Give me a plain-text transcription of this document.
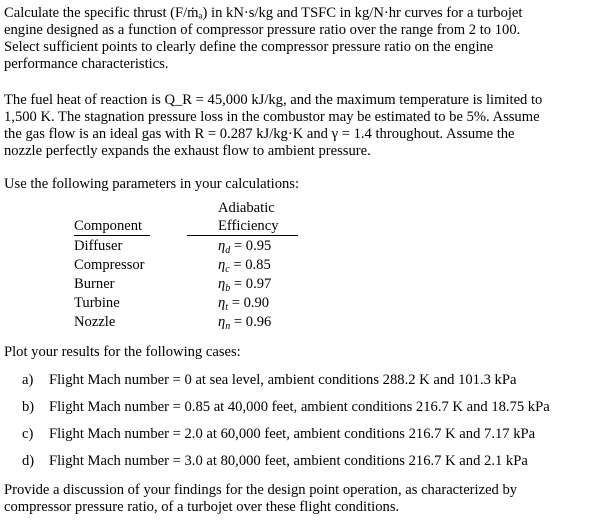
Calculate the specific thrust (F/ṁₐ) in kN·s/kg and TSFC in kg/N·hr curves for a turbojet

engine designed as a function of compressor pressure ratio over the range from 2 to 100.

Select sufficient points to clearly define the compressor pressure ratio on the engine

performance characteristics.

The fuel heat of reaction is Q_R = 45,000 kJ/kg, and the maximum temperature is limited to

1,500 K. The stagnation pressure loss in the combustor may be estimated to be 5%. Assume

the gas flow is an ideal gas with R = 0.287 kJ/kg·K and γ = 1.4 throughout. Assume the

nozzle perfectly expands the exhaust flow to ambient pressure.

Use the following parameters in your calculations:

Adiabatic
Component	Efficiency
Diffuser	$\eta_d = 0.95$
Compressor	$\eta_c = 0.85$
Burner	$\eta_b = 0.97$
Turbine	$\eta_t = 0.90$
Nozzle	$\eta_n = 0.96$

Plot your results for the following cases:

a) Flight Mach number = 0 at sea level, ambient conditions 288.2 K and 101.3 kPa
b) Flight Mach number = 0.85 at 40,000 feet, ambient conditions 216.7 K and 18.75 kPa
c) Flight Mach number = 2.0 at 60,000 feet, ambient conditions 216.7 K and 7.17 kPa
d) Flight Mach number = 3.0 at 80,000 feet, ambient conditions 216.7 K and 2.1 kPa

Provide a discussion of your findings for the design point operation, as characterized by

compressor pressure ratio, of a turbojet over these flight conditions.
